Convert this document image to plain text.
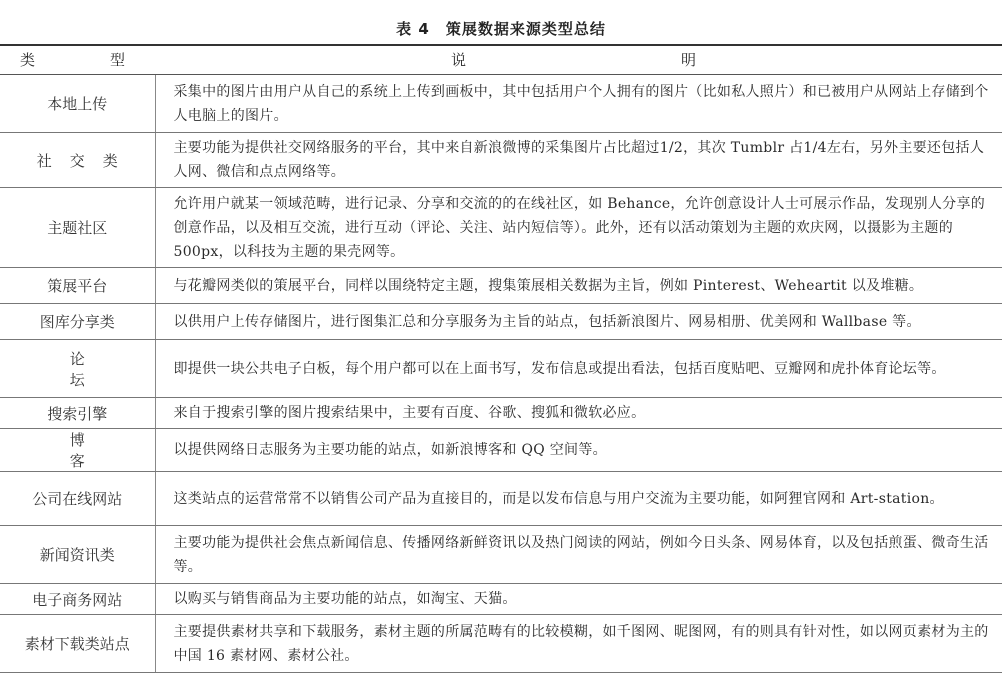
表 4　策展数据来源类型总结
类　型	说　明
本地上传	采集中的图片由用户从自己的系统上上传到画板中，其中包括用户个人拥有的图片（比如私人照片）和已被用户从网站上存储到个人电脑上的图片。
社交类	主要功能为提供社交网络服务的平台，其中来自新浪微博的采集图片占比超过1/2，其次 Tumblr 占1/4左右，另外主要还包括人人网、微信和点点网络等。
主题社区	允许用户就某一领域范畴，进行记录、分享和交流的的在线社区，如 Behance，允许创意设计人士可展示作品，发现别人分享的创意作品，以及相互交流，进行互动（评论、关注、站内短信等）。此外，还有以活动策划为主题的欢庆网，以摄影为主题的 500px，以科技为主题的果壳网等。
策展平台	与花瓣网类似的策展平台，同样以围绕特定主题，搜集策展相关数据为主旨，例如 Pinterest、Weheartit 以及堆糖。
图库分享类	以供用户上传存储图片，进行图集汇总和分享服务为主旨的站点，包括新浪图片、网易相册、优美网和 Wallbase 等。
论坛	即提供一块公共电子白板，每个用户都可以在上面书写，发布信息或提出看法，包括百度贴吧、豆瓣网和虎扑体育论坛等。
搜索引擎	来自于搜索引擎的图片搜索结果中，主要有百度、谷歌、搜狐和微软必应。
博客	以提供网络日志服务为主要功能的站点，如新浪博客和 QQ 空间等。
公司在线网站	这类站点的运营常常不以销售公司产品为直接目的，而是以发布信息与用户交流为主要功能，如阿狸官网和 Art-station。
新闻资讯类	主要功能为提供社会焦点新闻信息、传播网络新鲜资讯以及热门阅读的网站，例如今日头条、网易体育，以及包括煎蛋、微奇生活等。
电子商务网站	以购买与销售商品为主要功能的站点，如淘宝、天猫。
素材下载类站点	主要提供素材共享和下载服务，素材主题的所属范畴有的比较模糊，如千图网、昵图网，有的则具有针对性，如以网页素材为主的中国 16 素材网、素材公社。
